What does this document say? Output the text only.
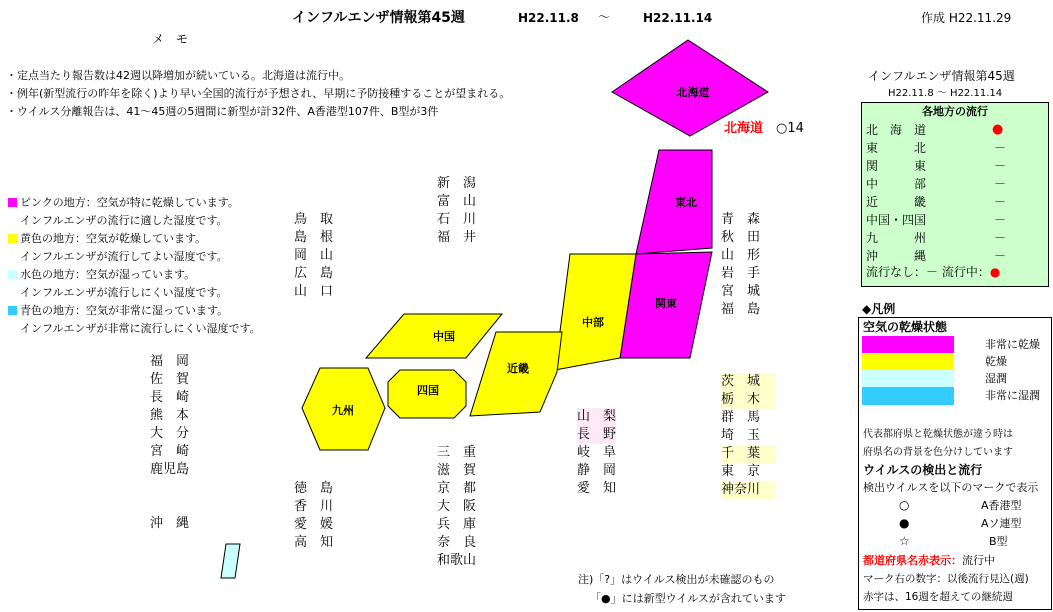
インフルエンザ情報第45週	H22.11.8 ～	H22.11.14	作成 H22.11.29
メ　モ
・定点当たり報告数は42週以降増加が続いている。北海道は流行中。
・例年(新型流行の昨年を除く)より早い全国的流行が予想され、早期に予防接種することが望まれる。
・ウイルス分離報告は、41～45週の5週間に新型が計32件、A香港型107件、B型が3件
ピンクの地方：空気が特に乾燥しています。
インフルエンザの流行に適した湿度です。
黄色の地方：空気が乾燥しています。
インフルエンザが流行してよい湿度です。
水色の地方：空気が湿っています。
インフルエンザが流行しにくい湿度です。
青色の地方：空気が非常に湿っています。
インフルエンザが非常に流行しにくい湿度です。
北海道
東北
関東
中部
近畿
中国
四国
九州
北海道 ○14
福　岡
佐　賀
長　崎
熊　本
大　分
宮　崎
鹿児島
沖　縄
鳥　取
島　根
岡　山
広　島
山　口
徳　島
香　川
愛　媛
高　知
新　潟
富　山
石　川
福　井
三　重
滋　賀
京　都
大　阪
兵　庫
奈　良
和歌山
山　梨
長　野
岐　阜
静　岡
愛　知
青　森
秋　田
山　形
岩　手
宮　城
福　島
茨　城
栃　木
群　馬
埼　玉
千　葉
東　京
神奈川
注)「?」はウイルス検出が未確認のもの
「●」には新型ウイルスが含れています
インフルエンザ情報第45週
H22.11.8 ～ H22.11.14
各地方の流行
北　海　道	●
東　　　北	－
関　　　東	－
中　　　部	－
近　　　畿	－
中国・四国	－
九　　　州	－
沖　　　縄	－
流行なし：－ 流行中：●
◆凡例
空気の乾燥状態
非常に乾燥
乾燥
湿潤
非常に湿潤
代表都府県と乾燥状態が違う時は
府県名の背景を色分けしています
ウイルスの検出と流行
検出ウイルスを以下のマークで表示
○	A香港型
●	Aソ連型
☆	B型
都道府県名赤表示：流行中
マーク右の数字：以後流行見込(週)
赤字は、16週を超えての継続週
